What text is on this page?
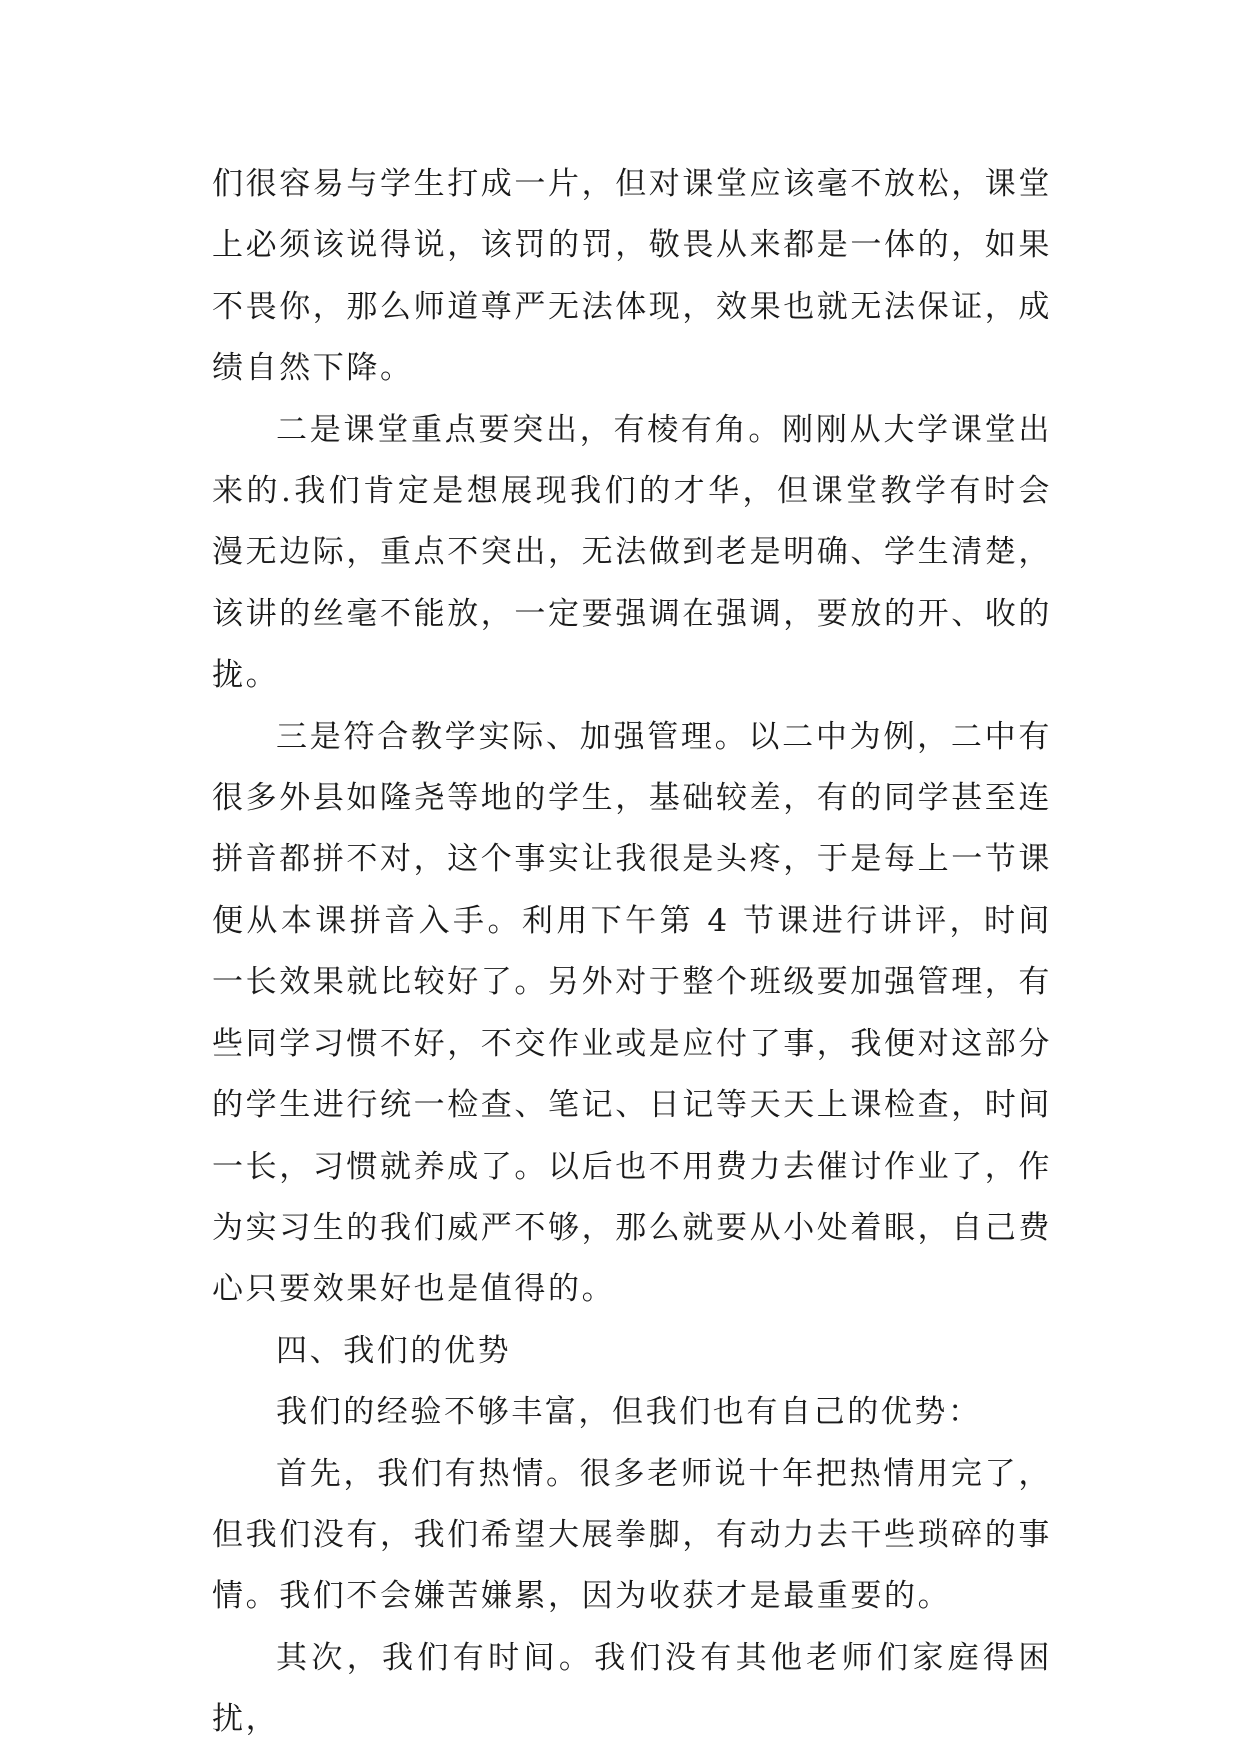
们很容易与学生打成一片，但对课堂应该毫不放松，课堂上必须该说得说，该罚的罚，敬畏从来都是一体的，如果不畏你，那么师道尊严无法体现，效果也就无法保证，成绩自然下降。

二是课堂重点要突出，有棱有角。刚刚从大学课堂出来的.我们肯定是想展现我们的才华，但课堂教学有时会漫无边际，重点不突出，无法做到老是明确、学生清楚，该讲的丝毫不能放，一定要强调在强调，要放的开、收的拢。

三是符合教学实际、加强管理。以二中为例，二中有很多外县如隆尧等地的学生，基础较差，有的同学甚至连拼音都拼不对，这个事实让我很是头疼，于是每上一节课便从本课拼音入手。利用下午第 4 节课进行讲评，时间一长效果就比较好了。另外对于整个班级要加强管理，有些同学习惯不好，不交作业或是应付了事，我便对这部分的学生进行统一检查、笔记、日记等天天上课检查，时间一长，习惯就养成了。以后也不用费力去催讨作业了，作为实习生的我们威严不够，那么就要从小处着眼，自己费心只要效果好也是值得的。

四、我们的优势

我们的经验不够丰富，但我们也有自己的优势：

首先，我们有热情。很多老师说十年把热情用完了，但我们没有，我们希望大展拳脚，有动力去干些琐碎的事情。我们不会嫌苦嫌累，因为收获才是最重要的。

其次，我们有时间。我们没有其他老师们家庭得困扰，
